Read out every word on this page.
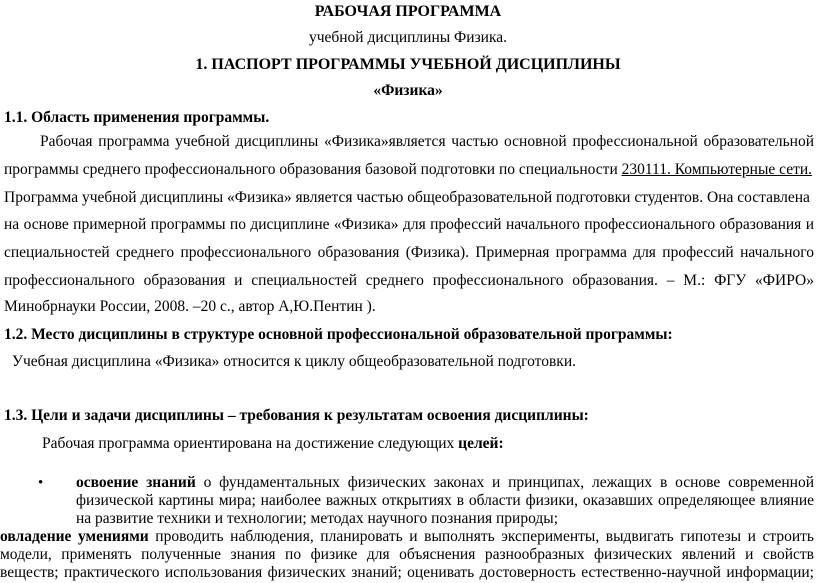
РАБОЧАЯ ПРОГРАММА
учебной дисциплины Физика.
1. ПАСПОРТ ПРОГРАММЫ УЧЕБНОЙ ДИСЦИПЛИНЫ
«Физика»
1.1. Область применения программы.
Рабочая программа учебной дисциплины «Физика»является частью основной профессиональной образовательной
программы среднего профессионального образования базовой подготовки по специальности 230111. Компьютерные сети.
Программа учебной дисциплины «Физика» является частью общеобразовательной подготовки студентов. Она составлена
на основе примерной программы по дисциплине «Физика» для профессий начального профессионального образования и
специальностей среднего профессионального образования (Физика). Примерная программа для профессий начального
профессионального образования и специальностей среднего профессионального образования. – М.: ФГУ «ФИРО»
Минобрнауки России, 2008. –20 с., автор А,Ю.Пентин ).
1.2. Место дисциплины в структуре основной профессиональной образовательной программы:
Учебная дисциплина «Физика» относится к циклу общеобразовательной подготовки.
1.3. Цели и задачи дисциплины – требования к результатам освоения дисциплины:
Рабочая программа ориентирована на достижение следующих целей:
• освоение знаний о фундаментальных физических законах и принципах, лежащих в основе современной
физической картины мира; наиболее важных открытиях в области физики, оказавших определяющее влияние
на развитие техники и технологии; методах научного познания природы;
овладение умениями проводить наблюдения, планировать и выполнять эксперименты, выдвигать гипотезы и строить
модели, применять полученные знания по физике для объяснения разнообразных физических явлений и свойств
веществ; практического использования физических знаний; оценивать достоверность естественно-научной информации;
